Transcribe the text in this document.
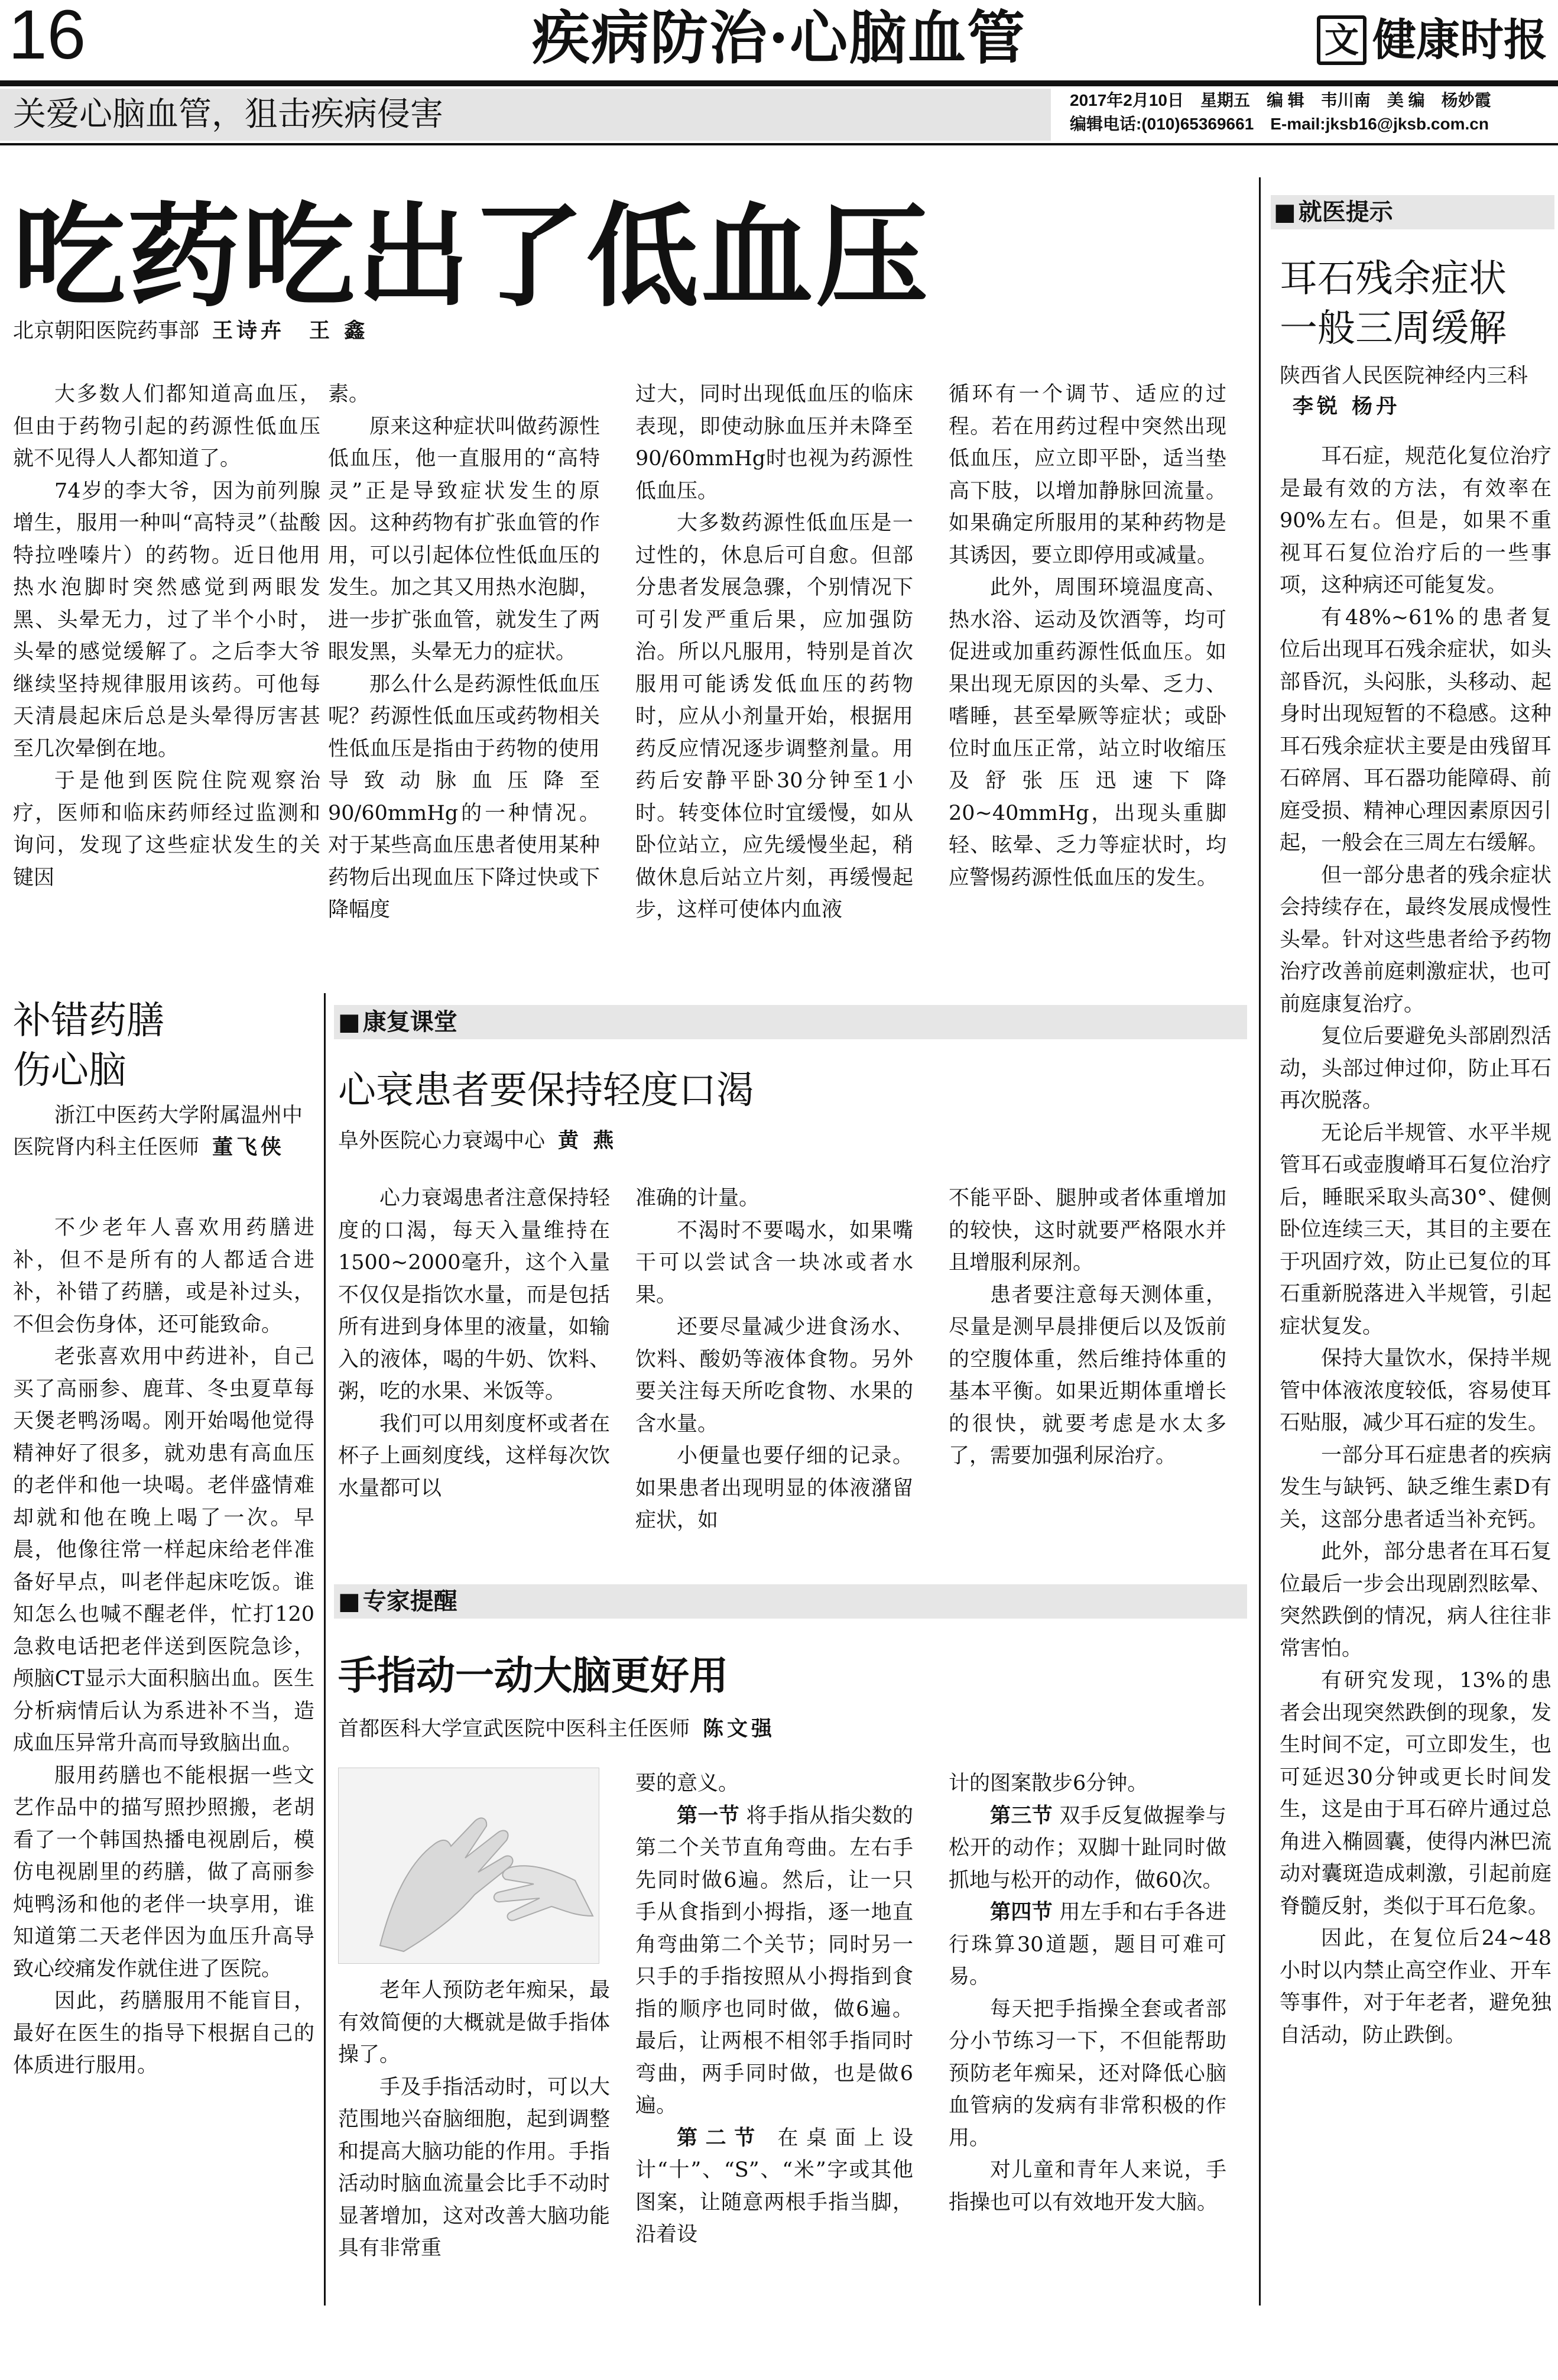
16	疾病防治·心脑血管	文 健康时报
关爱心脑血管，狙击疾病侵害	2017年2月10日　星期五　编 辑　韦川南　美 编　杨妙霞
编辑电话:(010)65369661　E-mail:jksb16@jksb.com.cn
吃药吃出了低血压
北京朝阳医院药事部 王诗卉　王 鑫

大多数人们都知道高血压，但由于药物引起的药源性低血压就不见得人人都知道了。

74岁的李大爷，因为前列腺增生，服用一种叫“高特灵”（盐酸特拉唑嗪片）的药物。近日他用热水泡脚时突然感觉到两眼发黑、头晕无力，过了半个小时，头晕的感觉缓解了。之后李大爷继续坚持规律服用该药。可他每天清晨起床后总是头晕得厉害甚至几次晕倒在地。

于是他到医院住院观察治疗，医师和临床药师经过监测和询问，发现了这些症状发生的关键因

素。

原来这种症状叫做药源性低血压，他一直服用的“高特灵”正是导致症状发生的原因。这种药物有扩张血管的作用，可以引起体位性低血压的发生。加之其又用热水泡脚，进一步扩张血管，就发生了两眼发黑，头晕无力的症状。

那么什么是药源性低血压呢？药源性低血压或药物相关性低血压是指由于药物的使用导致动脉血压降至90/60mmHg的一种情况。对于某些高血压患者使用某种药物后出现血压下降过快或下降幅度

过大，同时出现低血压的临床表现，即使动脉血压并未降至90/60mmHg时也视为药源性低血压。

大多数药源性低血压是一过性的，休息后可自愈。但部分患者发展急骤，个别情况下可引发严重后果，应加强防治。所以凡服用，特别是首次服用可能诱发低血压的药物时，应从小剂量开始，根据用药反应情况逐步调整剂量。用药后安静平卧30分钟至1小时。转变体位时宜缓慢，如从卧位站立，应先缓慢坐起，稍做休息后站立片刻，再缓慢起步，这样可使体内血液

循环有一个调节、适应的过程。若在用药过程中突然出现低血压，应立即平卧，适当垫高下肢，以增加静脉回流量。如果确定所服用的某种药物是其诱因，要立即停用或减量。

此外，周围环境温度高、热水浴、运动及饮酒等，均可促进或加重药源性低血压。如果出现无原因的头晕、乏力、嗜睡，甚至晕厥等症状；或卧位时血压正常，站立时收缩压及舒张压迅速下降20~40mmHg，出现头重脚轻、眩晕、乏力等症状时，均应警惕药源性低血压的发生。

■ 就医提示
耳石残余症状
一般三周缓解
陕西省人民医院神经内三科李锐 杨丹

耳石症，规范化复位治疗是最有效的方法，有效率在90%左右。但是，如果不重视耳石复位治疗后的一些事项，这种病还可能复发。

有48%~61%的患者复位后出现耳石残余症状，如头部昏沉，头闷胀，头移动、起身时出现短暂的不稳感。这种耳石残余症状主要是由残留耳石碎屑、耳石器功能障碍、前庭受损、精神心理因素原因引起，一般会在三周左右缓解。

但一部分患者的残余症状会持续存在，最终发展成慢性头晕。针对这些患者给予药物治疗改善前庭刺激症状，也可前庭康复治疗。

复位后要避免头部剧烈活动，头部过伸过仰，防止耳石再次脱落。

无论后半规管、水平半规管耳石或壶腹嵴耳石复位治疗后，睡眠采取头高30°、健侧卧位连续三天，其目的主要在于巩固疗效，防止已复位的耳石重新脱落进入半规管，引起症状复发。

保持大量饮水，保持半规管中体液浓度较低，容易使耳石贴服，减少耳石症的发生。

一部分耳石症患者的疾病发生与缺钙、缺乏维生素D有关，这部分患者适当补充钙。

此外，部分患者在耳石复位最后一步会出现剧烈眩晕、突然跌倒的情况，病人往往非常害怕。

有研究发现，13%的患者会出现突然跌倒的现象，发生时间不定，可立即发生，也可延迟30分钟或更长时间发生，这是由于耳石碎片通过总角进入椭圆囊，使得内淋巴流动对囊斑造成刺激，引起前庭脊髓反射，类似于耳石危象。

因此，在复位后24~48小时以内禁止高空作业、开车等事件，对于年老者，避免独自活动，防止跌倒。

补错药膳
伤心脑
浙江中医药大学附属温州中医院肾内科主任医师 董飞侠

不少老年人喜欢用药膳进补，但不是所有的人都适合进补，补错了药膳，或是补过头，不但会伤身体，还可能致命。

老张喜欢用中药进补，自己买了高丽参、鹿茸、冬虫夏草每天煲老鸭汤喝。刚开始喝他觉得精神好了很多，就劝患有高血压的老伴和他一块喝。老伴盛情难却就和他在晚上喝了一次。早晨，他像往常一样起床给老伴准备好早点，叫老伴起床吃饭。谁知怎么也喊不醒老伴，忙打120急救电话把老伴送到医院急诊，颅脑CT显示大面积脑出血。医生分析病情后认为系进补不当，造成血压异常升高而导致脑出血。

服用药膳也不能根据一些文艺作品中的描写照抄照搬，老胡看了一个韩国热播电视剧后，模仿电视剧里的药膳，做了高丽参炖鸭汤和他的老伴一块享用，谁知道第二天老伴因为血压升高导致心绞痛发作就住进了医院。

因此，药膳服用不能盲目，最好在医生的指导下根据自己的体质进行服用。

■ 康复课堂
心衰患者要保持轻度口渴
阜外医院心力衰竭中心 黄 燕

心力衰竭患者注意保持轻度的口渴，每天入量维持在1500~2000毫升，这个入量不仅仅是指饮水量，而是包括所有进到身体里的液量，如输入的液体，喝的牛奶、饮料、粥，吃的水果、米饭等。

我们可以用刻度杯或者在杯子上画刻度线，这样每次饮水量都可以

准确的计量。

不渴时不要喝水，如果嘴干可以尝试含一块冰或者水果。

还要尽量减少进食汤水、饮料、酸奶等液体食物。另外要关注每天所吃食物、水果的含水量。

小便量也要仔细的记录。如果患者出现明显的体液潴留症状，如

不能平卧、腿肿或者体重增加的较快，这时就要严格限水并且增服利尿剂。

患者要注意每天测体重，尽量是测早晨排便后以及饭前的空腹体重，然后维持体重的基本平衡。如果近期体重增长的很快，就要考虑是水太多了，需要加强利尿治疗。

■ 专家提醒
手指动一动大脑更好用
首都医科大学宣武医院中医科主任医师 陈文强

老年人预防老年痴呆，最有效简便的大概就是做手指体操了。

手及手指活动时，可以大范围地兴奋脑细胞，起到调整和提高大脑功能的作用。手指活动时脑血流量会比手不动时显著增加，这对改善大脑功能具有非常重

要的意义。

第一节 将手指从指尖数的第二个关节直角弯曲。左右手先同时做6遍。然后，让一只手从食指到小拇指，逐一地直角弯曲第二个关节；同时另一只手的手指按照从小拇指到食指的顺序也同时做，做6遍。最后，让两根不相邻手指同时弯曲，两手同时做，也是做6遍。

第二节 在桌面上设计“十”、“S”、“米”字或其他图案，让随意两根手指当脚，沿着设

计的图案散步6分钟。

第三节 双手反复做握拳与松开的动作；双脚十趾同时做抓地与松开的动作，做60次。

第四节 用左手和右手各进行珠算30道题，题目可难可易。

每天把手指操全套或者部分小节练习一下，不但能帮助预防老年痴呆，还对降低心脑血管病的发病有非常积极的作用。

对儿童和青年人来说，手指操也可以有效地开发大脑。
